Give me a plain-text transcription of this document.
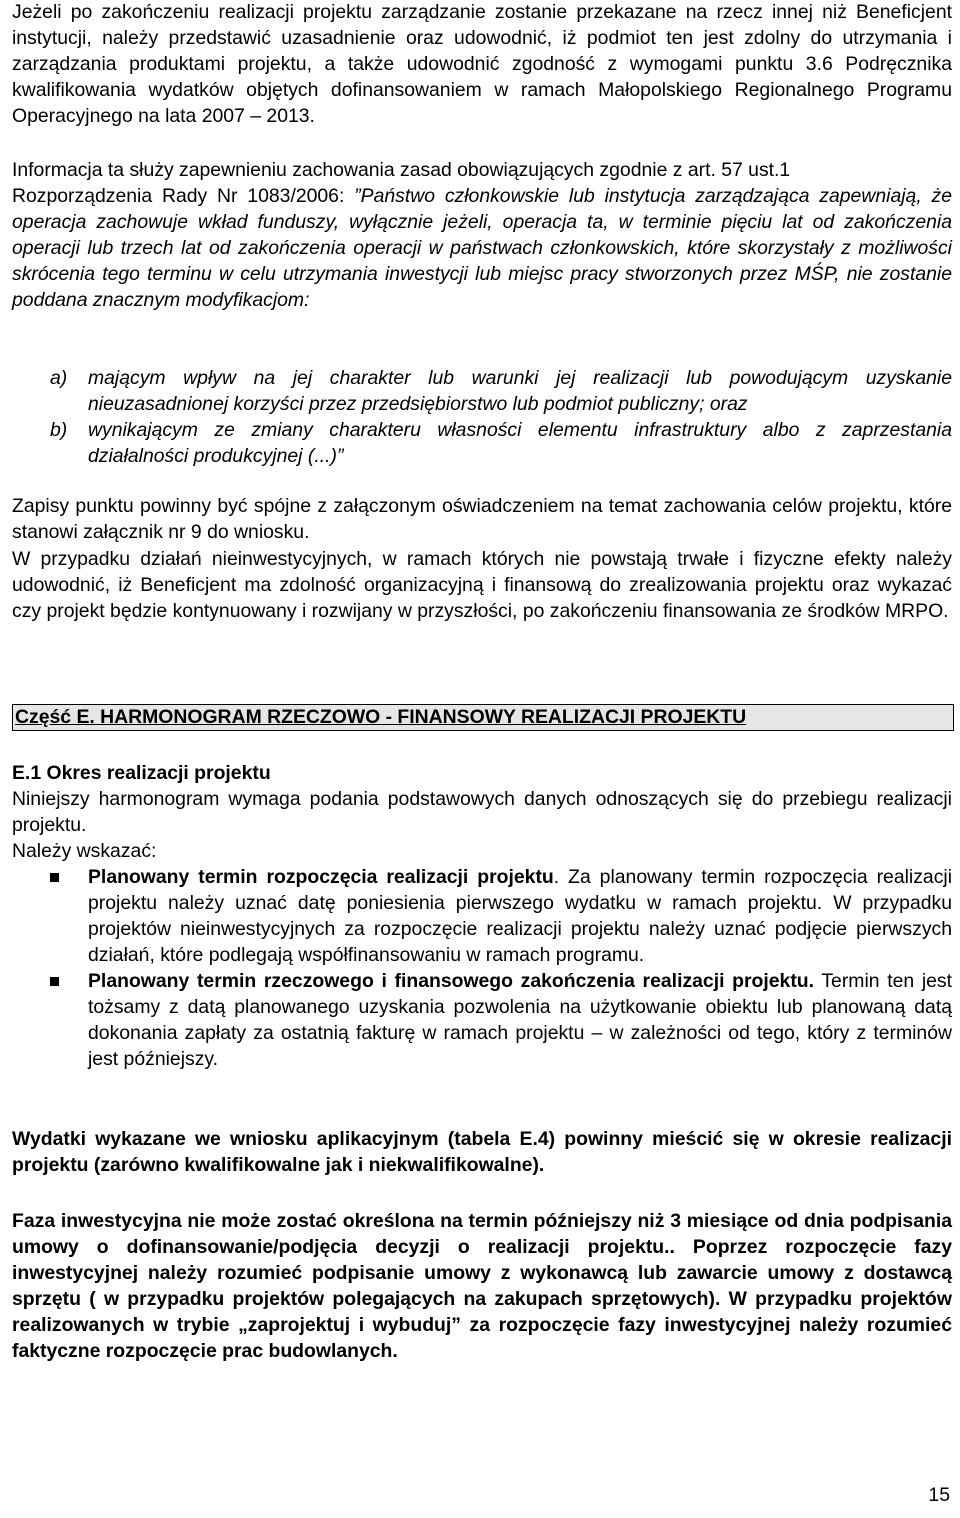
Jeżeli po zakończeniu realizacji projektu zarządzanie zostanie przekazane na rzecz innej niż Beneficjent instytucji, należy przedstawić uzasadnienie oraz udowodnić, iż podmiot ten jest zdolny do utrzymania i zarządzania produktami projektu, a także udowodnić zgodność z wymogami punktu 3.6 Podręcznika kwalifikowania wydatków objętych dofinansowaniem w ramach Małopolskiego Regionalnego Programu Operacyjnego na lata 2007 – 2013.

Informacja ta służy zapewnieniu zachowania zasad obowiązujących zgodnie z art. 57 ust.1

Rozporządzenia Rady Nr 1083/2006: ”Państwo członkowskie lub instytucja zarządzająca zapewniają, że operacja zachowuje wkład funduszy, wyłącznie jeżeli, operacja ta, w terminie pięciu lat od zakończenia operacji lub trzech lat od zakończenia operacji w państwach członkowskich, które skorzystały z możliwości skrócenia tego terminu w celu utrzymania inwestycji lub miejsc pracy stworzonych przez MŚP, nie zostanie poddana znacznym modyfikacjom:

a) mającym wpływ na jej charakter lub warunki jej realizacji lub powodującym uzyskanie nieuzasadnionej korzyści przez przedsiębiorstwo lub podmiot publiczny; oraz

b) wynikającym ze zmiany charakteru własności elementu infrastruktury albo z zaprzestania działalności produkcyjnej (...)”

Zapisy punktu powinny być spójne z załączonym oświadczeniem na temat zachowania celów projektu, które stanowi załącznik nr 9 do wniosku.

W przypadku działań nieinwestycyjnych, w ramach których nie powstają trwałe i fizyczne efekty należy udowodnić, iż Beneficjent ma zdolność organizacyjną i finansową do zrealizowania projektu oraz wykazać czy projekt będzie kontynuowany i rozwijany w przyszłości, po zakończeniu finansowania ze środków MRPO.

Część E. HARMONOGRAM RZECZOWO - FINANSOWY REALIZACJI PROJEKTU
E.1 Okres realizacji projektu

Niniejszy harmonogram wymaga podania podstawowych danych odnoszących się do przebiegu realizacji projektu.

Należy wskazać:

Planowany termin rozpoczęcia realizacji projektu. Za planowany termin rozpoczęcia realizacji projektu należy uznać datę poniesienia pierwszego wydatku w ramach projektu. W przypadku projektów nieinwestycyjnych za rozpoczęcie realizacji projektu należy uznać podjęcie pierwszych działań, które podlegają współfinansowaniu w ramach programu.

Planowany termin rzeczowego i finansowego zakończenia realizacji projektu. Termin ten jest tożsamy z datą planowanego uzyskania pozwolenia na użytkowanie obiektu lub planowaną datą dokonania zapłaty za ostatnią fakturę w ramach projektu – w zależności od tego, który z terminów jest późniejszy.

Wydatki wykazane we wniosku aplikacyjnym (tabela E.4) powinny mieścić się w okresie realizacji projektu (zarówno kwalifikowalne jak i niekwalifikowalne).

Faza inwestycyjna nie może zostać określona na termin późniejszy niż 3 miesiące od dnia podpisania umowy o dofinansowanie/podjęcia decyzji o realizacji projektu.. Poprzez rozpoczęcie fazy inwestycyjnej należy rozumieć podpisanie umowy z wykonawcą lub zawarcie umowy z dostawcą sprzętu ( w przypadku projektów polegających na zakupach sprzętowych). W przypadku projektów realizowanych w trybie „zaprojektuj i wybuduj” za rozpoczęcie fazy inwestycyjnej należy rozumieć faktyczne rozpoczęcie prac budowlanych.

15
